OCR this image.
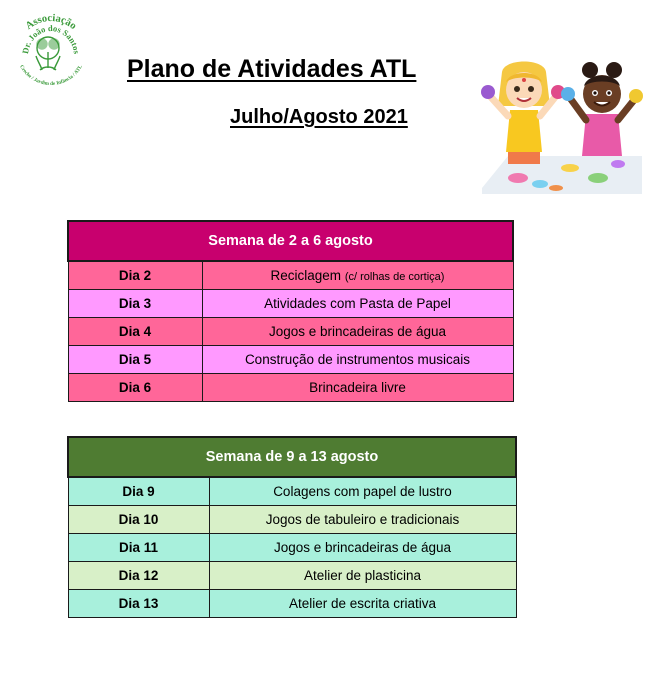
Associação
Dr. João dos Santos
Creche / Jardim de Infância / ATL Plano de Atividades ATL
Julho/Agosto 2021
Semana de 2 a 6 agosto	
Dia 2	Reciclagem (c/ rolhas de cortiça)
Dia 3	Atividades com Pasta de Papel
Dia 4	Jogos e brincadeiras de água
Dia 5	Construção de instrumentos musicais
Dia 6	Brincadeira livre
Semana de 9 a 13 agosto	
Dia 9	Colagens com papel de lustro
Dia 10	Jogos de tabuleiro e tradicionais
Dia 11	Jogos e brincadeiras de água
Dia 12	Atelier de plasticina
Dia 13	Atelier de escrita criativa
